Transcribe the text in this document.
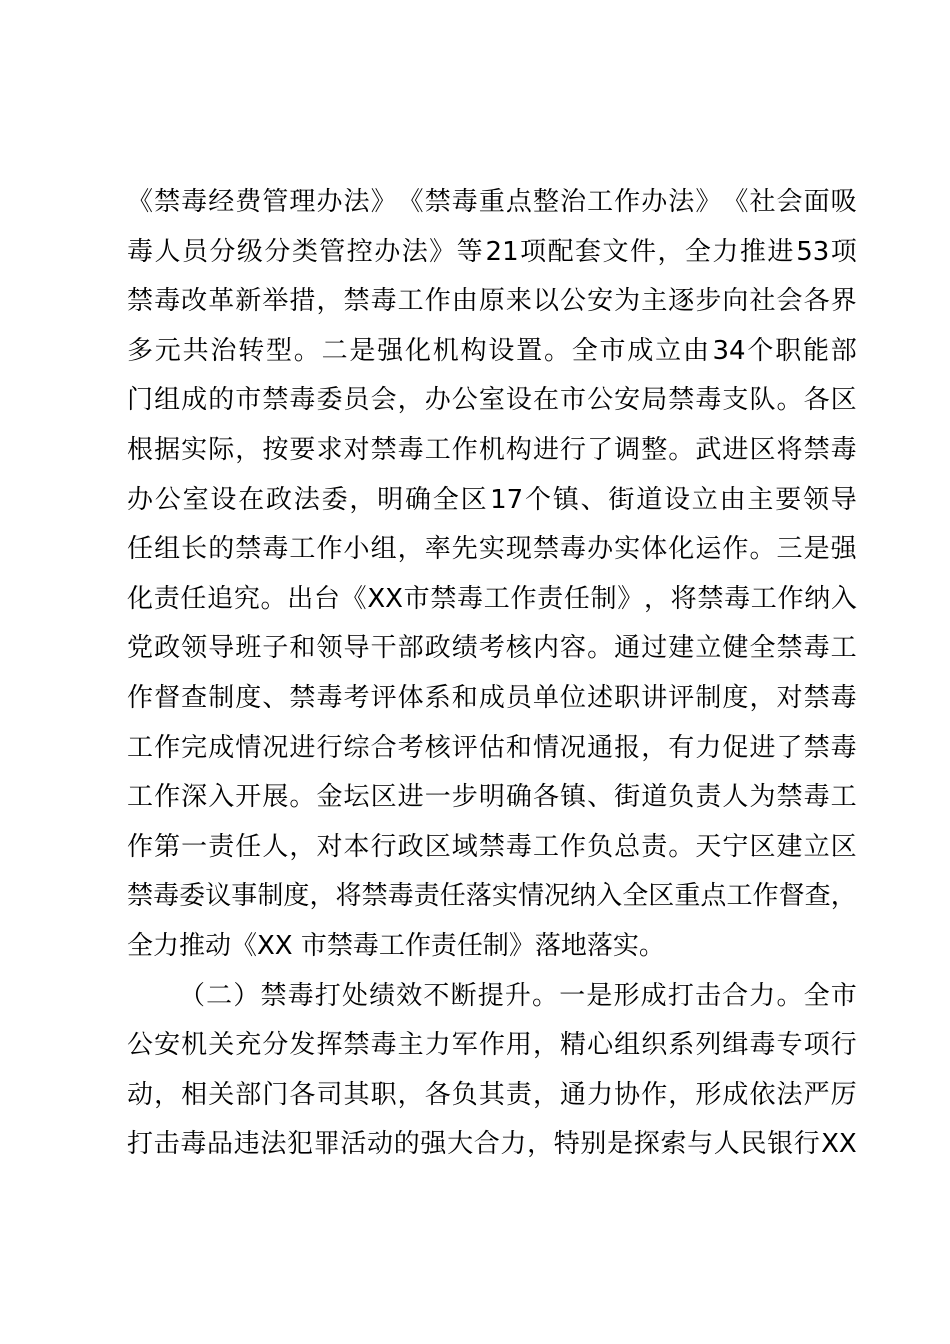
《 禁 毒 经 费 管 理 办 法 》 《 禁 毒 重 点 整 治 工 作 办 法 》 《 社 会 面 吸
毒 人 员 分 级 分 类 管 控 办 法 》 等 21 项 配 套 文 件 ， 全 力 推 进 53 项
禁 毒 改 革 新 举 措 ， 禁 毒 工 作 由 原 来 以 公 安 为 主 逐 步 向 社 会 各 界
多 元 共 治 转 型 。 二 是 强 化 机 构 设 置 。 全 市 成 立 由 34 个 职 能 部
门 组 成 的 市 禁 毒 委 员 会 ， 办 公 室 设 在 市 公 安 局 禁 毒 支 队 。 各 区
根 据 实 际 ， 按 要 求 对 禁 毒 工 作 机 构 进 行 了 调 整 。 武 进 区 将 禁 毒
办 公 室 设 在 政 法 委 ， 明 确 全 区 17 个 镇 、 街 道 设 立 由 主 要 领 导
任 组 长 的 禁 毒 工 作 小 组 ， 率 先 实 现 禁 毒 办 实 体 化 运 作 。 三 是 强
化 责 任 追 究 。 出 台 《 XX 市 禁 毒 工 作 责 任 制 》 ， 将 禁 毒 工 作 纳 入
党 政 领 导 班 子 和 领 导 干 部 政 绩 考 核 内 容 。 通 过 建 立 健 全 禁 毒 工
作 督 查 制 度 、 禁 毒 考 评 体 系 和 成 员 单 位 述 职 讲 评 制 度 ， 对 禁 毒
工 作 完 成 情 况 进 行 综 合 考 核 评 估 和 情 况 通 报 ， 有 力 促 进 了 禁 毒
工 作 深 入 开 展 。 金 坛 区 进 一 步 明 确 各 镇 、 街 道 负 责 人 为 禁 毒 工
作 第 一 责 任 人 ， 对 本 行 政 区 域 禁 毒 工 作 负 总 责 。 天 宁 区 建 立 区
禁 毒 委 议 事 制 度 ， 将 禁 毒 责 任 落 实 情 况 纳 入 全 区 重 点 工 作 督 查 ，
全力推动《XX 市禁毒工作责任制》落地落实。
（ 二 ） 禁 毒 打 处 绩 效 不 断 提 升 。 一 是 形 成 打 击 合 力 。 全 市
公 安 机 关 充 分 发 挥 禁 毒 主 力 军 作 用 ， 精 心 组 织 系 列 缉 毒 专 项 行
动 ， 相 关 部 门 各 司 其 职 ， 各 负 其 责 ， 通 力 协 作 ， 形 成 依 法 严 厉
打 击 毒 品 违 法 犯 罪 活 动 的 强 大 合 力 ， 特 别 是 探 索 与 人 民 银 行 XX
